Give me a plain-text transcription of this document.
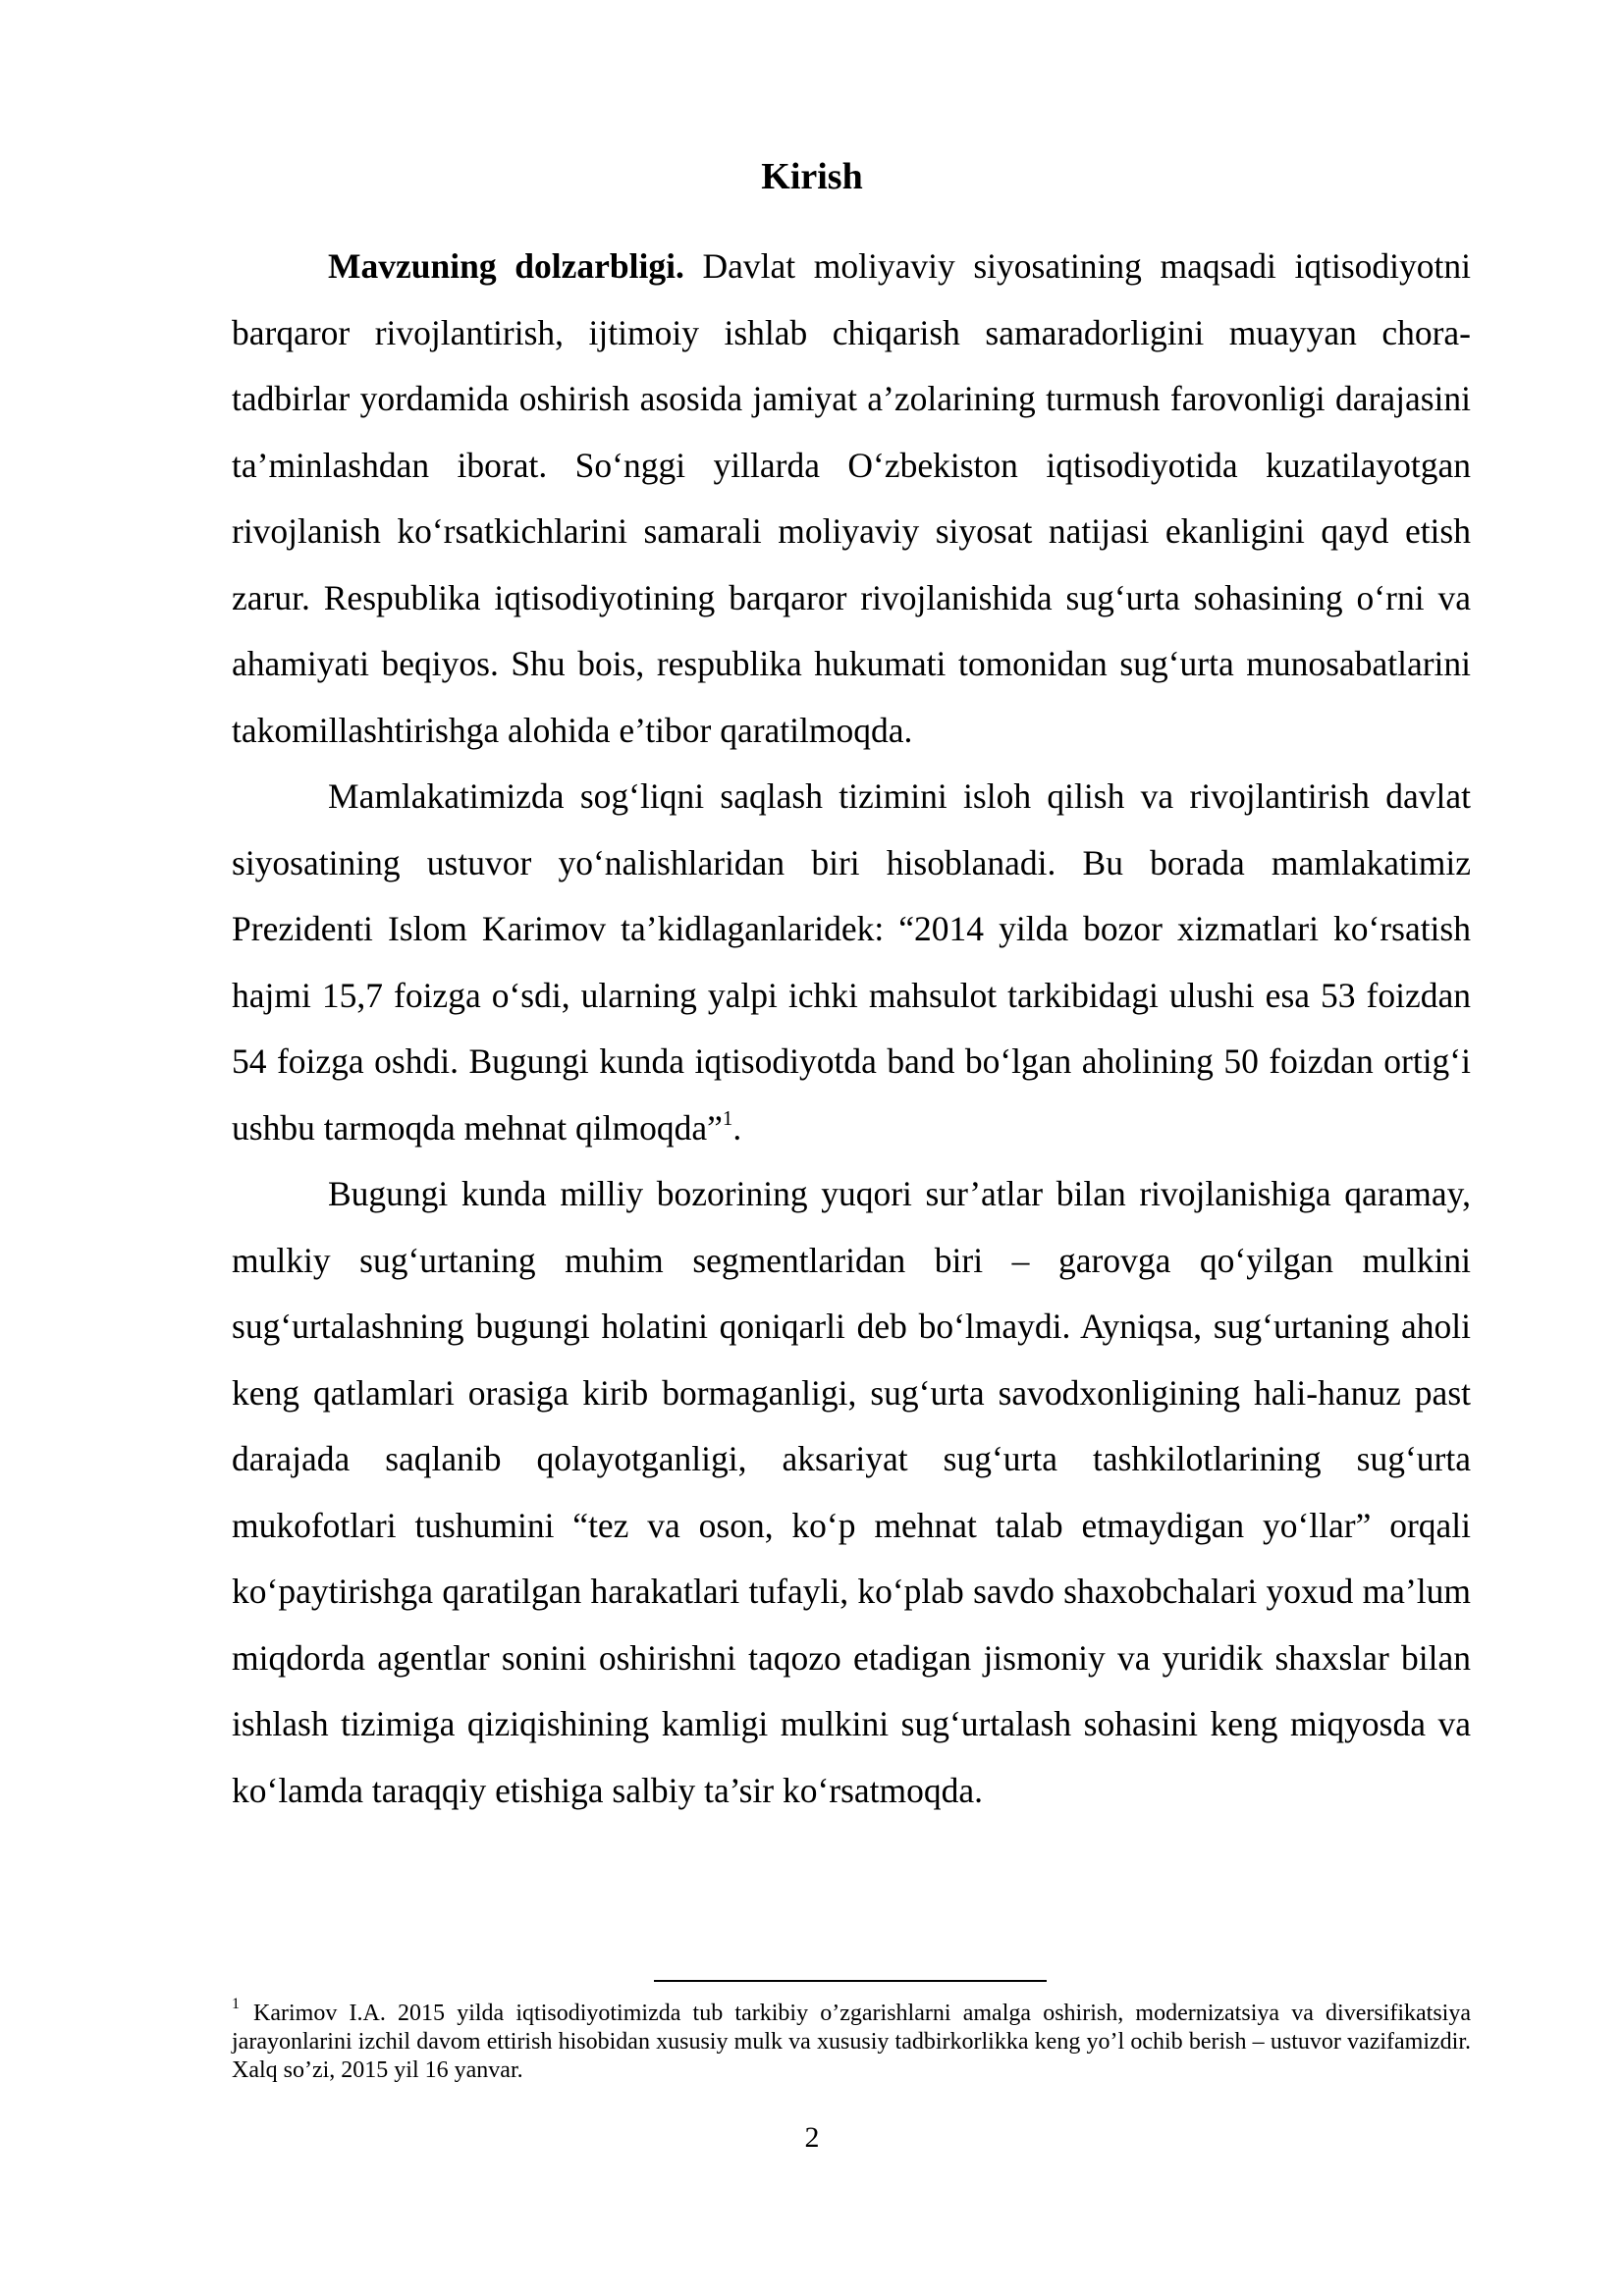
Kirish

Mavzuning dolzarbligi. Davlat moliyaviy siyosatining maqsadi iqtisodiyotni barqaror rivojlantirish, ijtimoiy ishlab chiqarish samaradorligini muayyan chora-tadbirlar yordamida oshirish asosida jamiyat a’zolarining turmush farovonligi darajasini ta’minlashdan iborat. So‘nggi yillarda O‘zbekiston iqtisodiyotida kuzatilayotgan rivojlanish ko‘rsatkichlarini samarali moliyaviy siyosat natijasi ekanligini qayd etish zarur. Respublika iqtisodiyotining barqaror rivojlanishida sug‘urta sohasining o‘rni va ahamiyati beqiyos. Shu bois, respublika hukumati tomonidan sug‘urta munosabatlarini takomillashtirishga alohida e’tibor qaratilmoqda.

Mamlakatimizda sog‘liqni saqlash tizimini isloh qilish va rivojlantirish davlat siyosatining ustuvor yo‘nalishlaridan biri hisoblanadi. Bu borada mamlakatimiz Prezidenti Islom Karimov ta’kidlaganlaridek: “2014 yilda bozor xizmatlari ko‘rsatish hajmi 15,7 foizga o‘sdi, ularning yalpi ichki mahsulot tarkibidagi ulushi esa 53 foizdan 54 foizga oshdi. Bugungi kunda iqtisodiyotda band bo‘lgan aholining 50 foizdan ortig‘i ushbu tarmoqda mehnat qilmoqda”$^1$.

Bugungi kunda milliy bozorining yuqori sur’atlar bilan rivojlanishiga qaramay, mulkiy sug‘urtaning muhim segmentlaridan biri – garovga qo‘yilgan mulkini sug‘urtalashning bugungi holatini qoniqarli deb bo‘lmaydi. Ayniqsa, sug‘urtaning aholi keng qatlamlari orasiga kirib bormaganligi, sug‘urta savodxonligining hali-hanuz past darajada saqlanib qolayotganligi, aksariyat sug‘urta tashkilotlarining sug‘urta mukofotlari tushumini “tez va oson, ko‘p mehnat talab etmaydigan yo‘llar” orqali ko‘paytirishga qaratilgan harakatlari tufayli, ko‘plab savdo shaxobchalari yoxud ma’lum miqdorda agentlar sonini oshirishni taqozo etadigan jismoniy va yuridik shaxslar bilan ishlash tizimiga qiziqishining kamligi mulkini sug‘urtalash sohasini keng miqyosda va ko‘lamda taraqqiy etishiga salbiy ta’sir ko‘rsatmoqda.

$^1$ Karimov I.A. 2015 yilda iqtisodiyotimizda tub tarkibiy o’zgarishlarni amalga oshirish, modernizatsiya va diversifikatsiya jarayonlarini izchil davom ettirish hisobidan xususiy mulk va xususiy tadbirkorlikka keng yo’l ochib berish – ustuvor vazifamizdir. Xalq so’zi, 2015 yil 16 yanvar.
2
